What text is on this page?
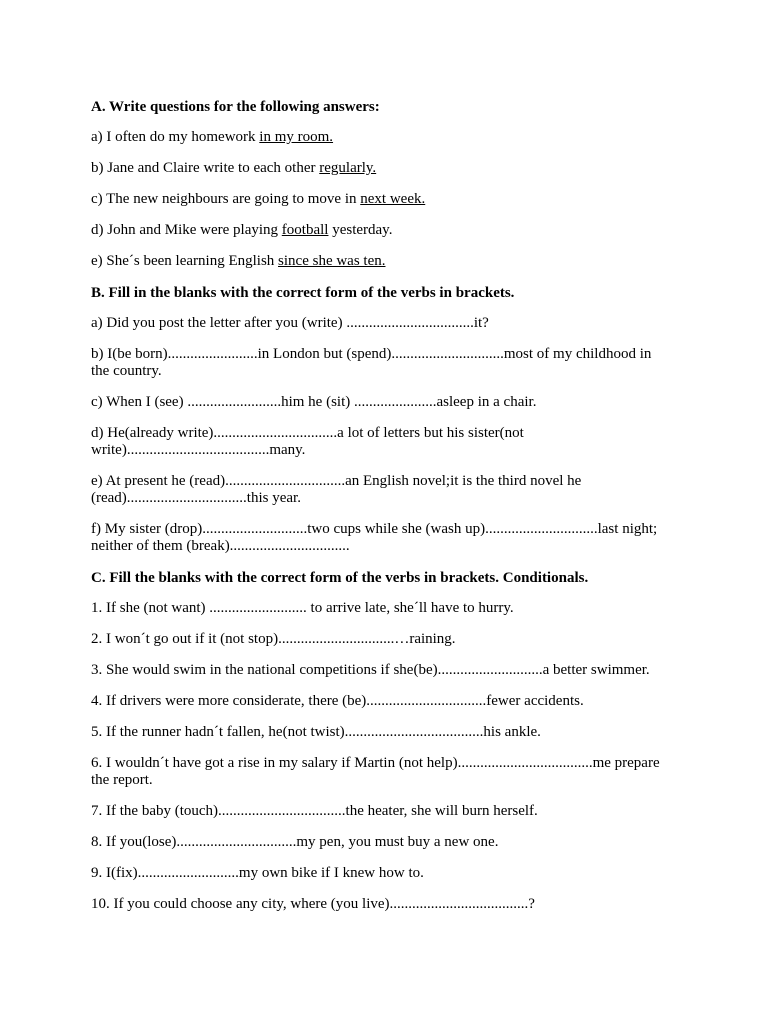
A. Write questions for the following answers:
a) I often do my homework in my room.
b) Jane and Claire write to each other regularly.
c) The new neighbours are going to move in next week.
d) John and Mike were playing football yesterday.
e) She´s been learning English since she was ten.
B. Fill in the blanks with the correct form of the verbs in brackets.
a) Did you post the letter after you (write) ..................................it?
b) I(be born)........................in London but (spend)..............................most of my childhood in the country.
c) When I (see) .........................him he (sit) ......................asleep in a chair.
d) He(already write).................................a lot of letters but his sister(not write)......................................many.
e) At present he (read)................................an English novel;it is the third novel he (read)................................this year.
f) My sister (drop)............................two cups while she (wash up)..............................last night; neither of them (break)................................
C. Fill the blanks with the correct form of the verbs in brackets. Conditionals.
1. If she (not want) .......................... to arrive late, she´ll have to hurry.
2. I won´t go out if it (not stop)...............................…raining.
3. She would swim in the national competitions if she(be)............................a better swimmer.
4. If drivers were more considerate, there (be)................................fewer accidents.
5. If the runner hadn´t fallen, he(not twist).....................................his ankle.
6. I wouldn´t have got a rise in my salary if Martin (not help)....................................me prepare the report.
7. If the baby (touch)..................................the heater, she will burn herself.
8. If you(lose)................................my pen, you must buy a new one.
9. I(fix)...........................my own bike if I knew how to.
10. If you could choose any city, where (you live).....................................?
